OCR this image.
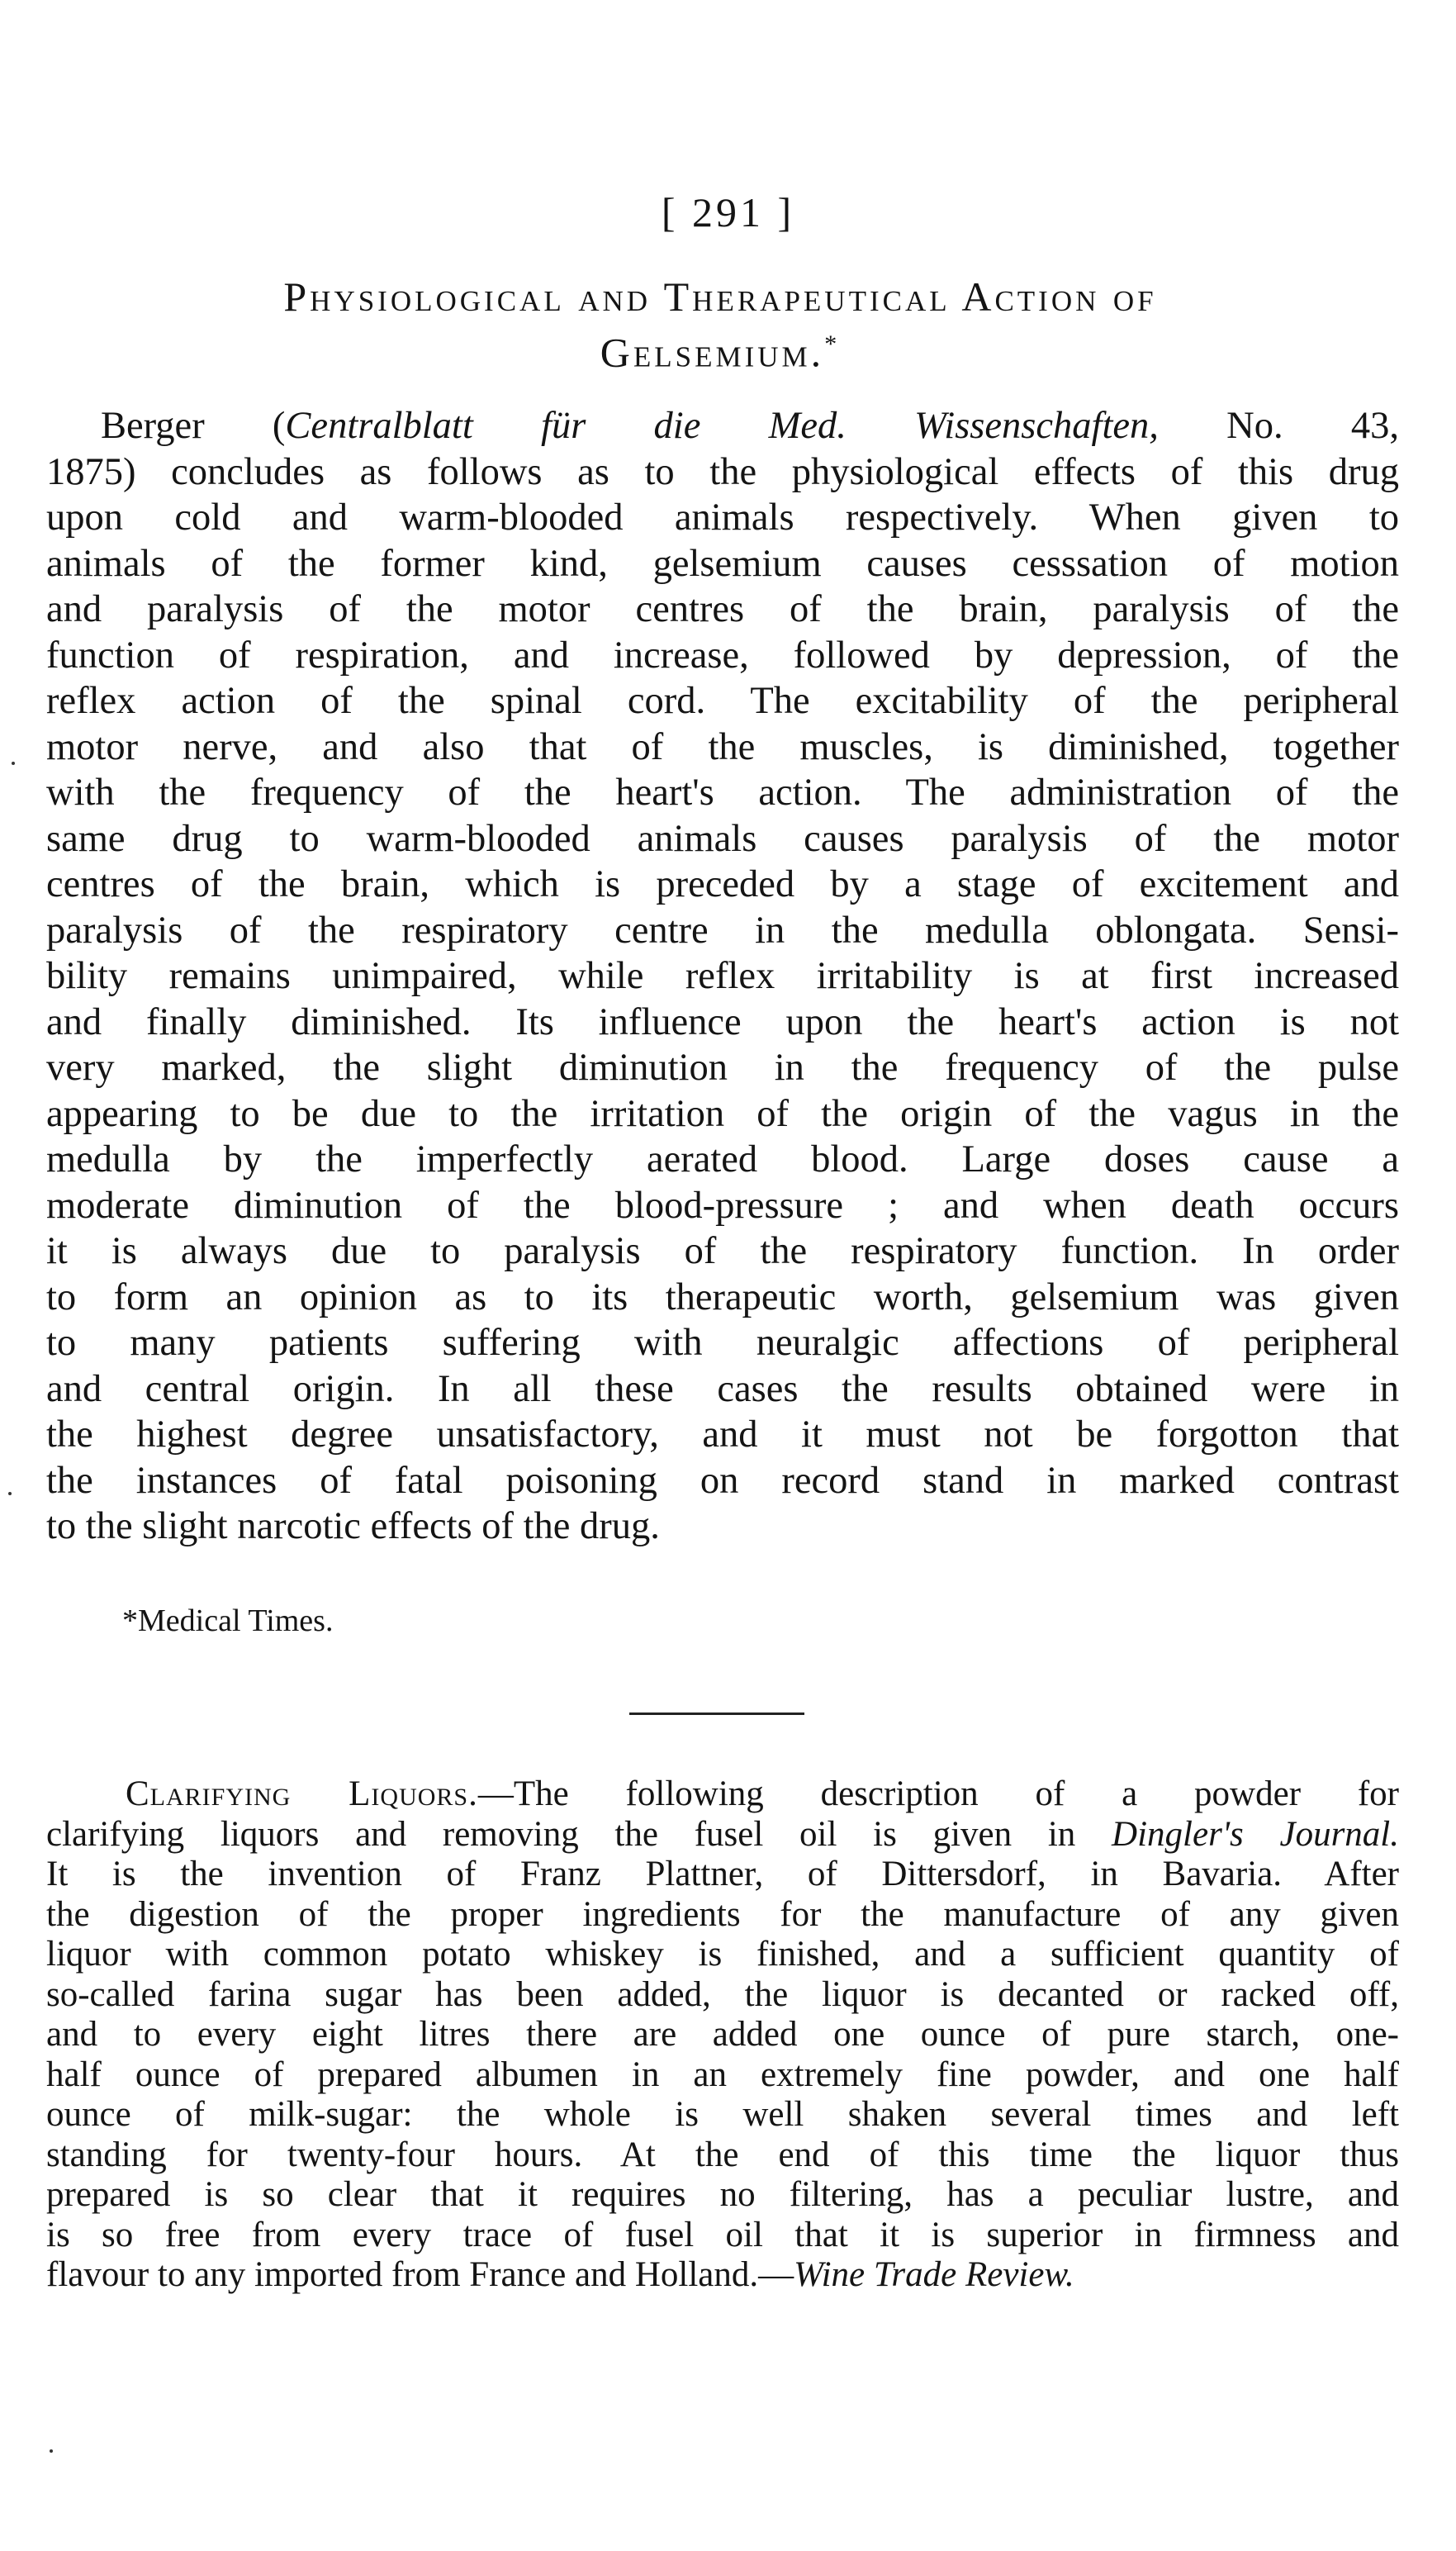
[ 291 ]
Physiological and Therapeutical Action of
Gelsemium.*
Berger (Centralblatt für die Med. Wissenschaften, No. 43,
1875) concludes as follows as to the physiological effects of this drug
upon cold and warm-blooded animals respectively. When given to
animals of the former kind, gelsemium causes cesssation of motion
and paralysis of the motor centres of the brain, paralysis of the
function of respiration, and increase, followed by depression, of the
reflex action of the spinal cord. The excitability of the peripheral
motor nerve, and also that of the muscles, is diminished, together
with the frequency of the heart's action. The administration of the
same drug to warm-blooded animals causes paralysis of the motor
centres of the brain, which is preceded by a stage of excitement and
paralysis of the respiratory centre in the medulla oblongata. Sensi-
bility remains unimpaired, while reflex irritability is at first increased
and finally diminished. Its influence upon the heart's action is not
very marked, the slight diminution in the frequency of the pulse
appearing to be due to the irritation of the origin of the vagus in the
medulla by the imperfectly aerated blood. Large doses cause a
moderate diminution of the blood-pressure ; and when death occurs
it is always due to paralysis of the respiratory function. In order
to form an opinion as to its therapeutic worth, gelsemium was given
to many patients suffering with neuralgic affections of peripheral
and central origin. In all these cases the results obtained were in
the highest degree unsatisfactory, and it must not be forgotton that
the instances of fatal poisoning on record stand in marked contrast
to the slight narcotic effects of the drug.
*Medical Times.
Clarifying Liquors.—The following description of a powder for
clarifying liquors and removing the fusel oil is given in Dingler's Journal.
It is the invention of Franz Plattner, of Dittersdorf, in Bavaria. After
the digestion of the proper ingredients for the manufacture of any given
liquor with common potato whiskey is finished, and a sufficient quantity of
so-called farina sugar has been added, the liquor is decanted or racked off,
and to every eight litres there are added one ounce of pure starch, one-
half ounce of prepared albumen in an extremely fine powder, and one half
ounce of milk-sugar: the whole is well shaken several times and left
standing for twenty-four hours. At the end of this time the liquor thus
prepared is so clear that it requires no filtering, has a peculiar lustre, and
is so free from every trace of fusel oil that it is superior in firmness and
flavour to any imported from France and Holland.—Wine Trade Review.
